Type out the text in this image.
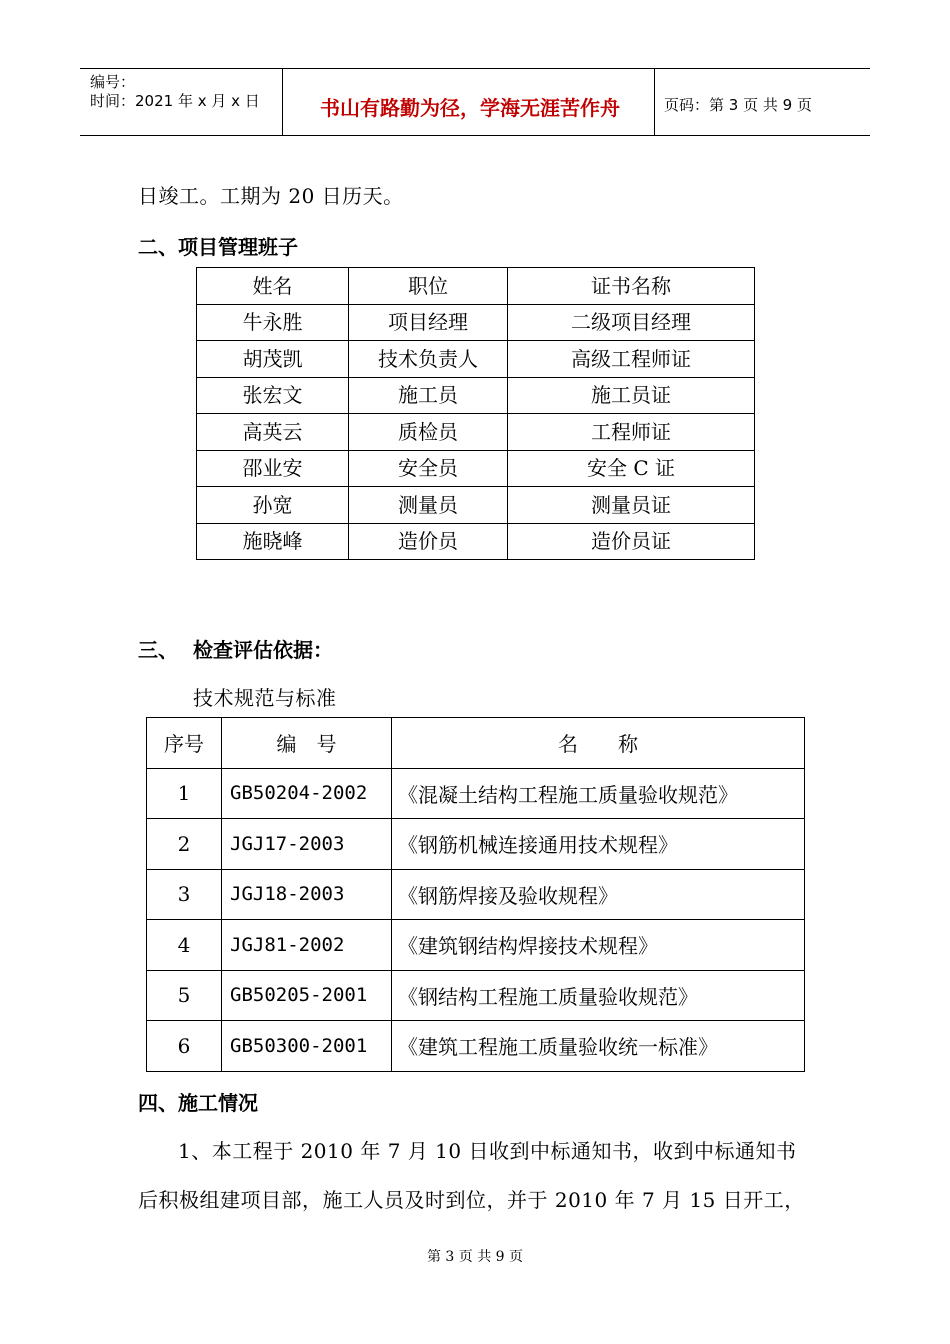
编号：
时间：2021 年 x 月 x 日	书山有路勤为径，学海无涯苦作舟	页码：第 3 页 共 9 页
日竣工。工期为 20 日历天。
二、项目管理班子
姓名	职位	证书名称
牛永胜	项目经理	二级项目经理
胡茂凯	技术负责人	高级工程师证
张宏文	施工员	施工员证
高英云	质检员	工程师证
邵业安	安全员	安全 C 证
孙宽	测量员	测量员证
施晓峰	造价员	造价员证
三、 检查评估依据：
技术规范与标准
序号	编　号	名　　称
1	GB50204-2002	《混凝土结构工程施工质量验收规范》
2	JGJ17-2003	《钢筋机械连接通用技术规程》
3	JGJ18-2003	《钢筋焊接及验收规程》
4	JGJ81-2002	《建筑钢结构焊接技术规程》
5	GB50205-2001	《钢结构工程施工质量验收规范》
6	GB50300-2001	《建筑工程施工质量验收统一标准》
四、施工情况
1、本工程于 2010 年 7 月 10 日收到中标通知书，收到中标通知书
后积极组建项目部，施工人员及时到位，并于 2010 年 7 月 15 日开工，
第 3 页 共 9 页
